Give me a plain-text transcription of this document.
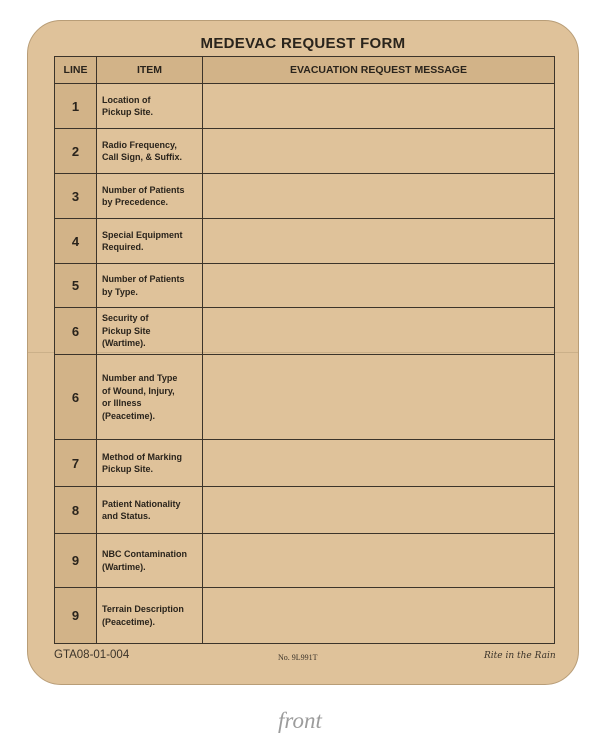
MEDEVAC REQUEST FORM
LINE	ITEM	EVACUATION REQUEST MESSAGE
1	Location of
Pickup Site.	
2	Radio Frequency,
Call Sign, & Suffix.	
3	Number of Patients
by Precedence.	
4	Special Equipment
Required.	
5	Number of Patients
by Type.	
6	Security of
Pickup Site
(Wartime).	
6	Number and Type
of Wound, Injury,
or Illness
(Peacetime).	
7	Method of Marking
Pickup Site.	
8	Patient Nationality
and Status.	
9	NBC Contamination
(Wartime).	
9	Terrain Description
(Peacetime).	
GTA08-01-004	No. 9L991T	Rite in the Rain
front
